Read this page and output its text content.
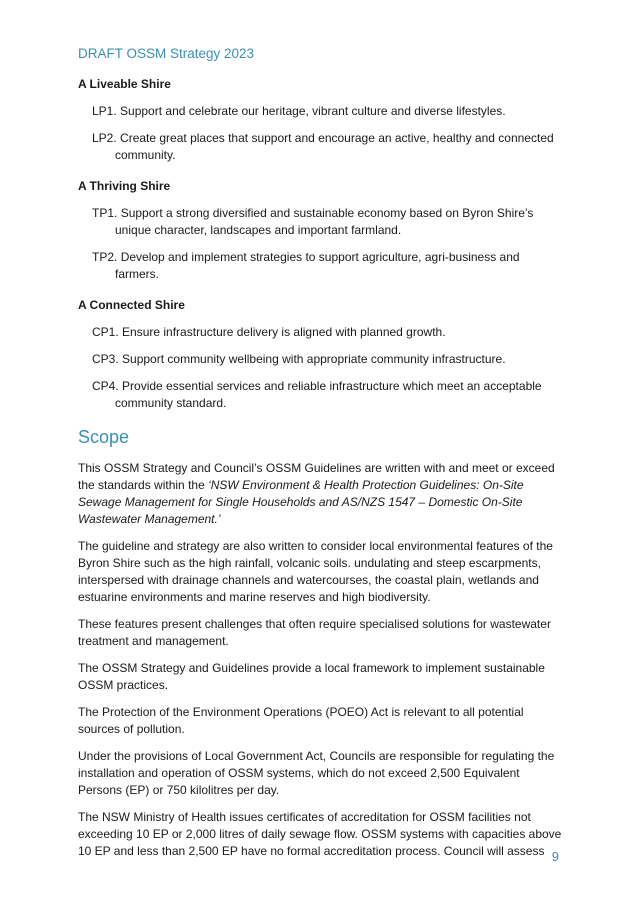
DRAFT OSSM Strategy 2023
A Liveable Shire
LP1. Support and celebrate our heritage, vibrant culture and diverse lifestyles.
LP2. Create great places that support and encourage an active, healthy and connected community.
A Thriving Shire
TP1. Support a strong diversified and sustainable economy based on Byron Shire’s unique character, landscapes and important farmland.
TP2. Develop and implement strategies to support agriculture, agri-business and farmers.
A Connected Shire
CP1. Ensure infrastructure delivery is aligned with planned growth.
CP3. Support community wellbeing with appropriate community infrastructure.
CP4. Provide essential services and reliable infrastructure which meet an acceptable community standard.
Scope

This OSSM Strategy and Council’s OSSM Guidelines are written with and meet or exceed the standards within the ‘NSW Environment & Health Protection Guidelines: On-Site Sewage Management for Single Households and AS/NZS 1547 – Domestic On-Site Wastewater Management.’

The guideline and strategy are also written to consider local environmental features of the Byron Shire such as the high rainfall, volcanic soils. undulating and steep escarpments, interspersed with drainage channels and watercourses, the coastal plain, wetlands and estuarine environments and marine reserves and high biodiversity.

These features present challenges that often require specialised solutions for wastewater treatment and management.

The OSSM Strategy and Guidelines provide a local framework to implement sustainable OSSM practices.

The Protection of the Environment Operations (POEO) Act is relevant to all potential sources of pollution.

Under the provisions of Local Government Act, Councils are responsible for regulating the installation and operation of OSSM systems, which do not exceed 2,500 Equivalent Persons (EP) or 750 kilolitres per day.

The NSW Ministry of Health issues certificates of accreditation for OSSM facilities not exceeding 10 EP or 2,000 litres of daily sewage flow. OSSM systems with capacities above 10 EP and less than 2,500 EP have no formal accreditation process. Council will assess 9
